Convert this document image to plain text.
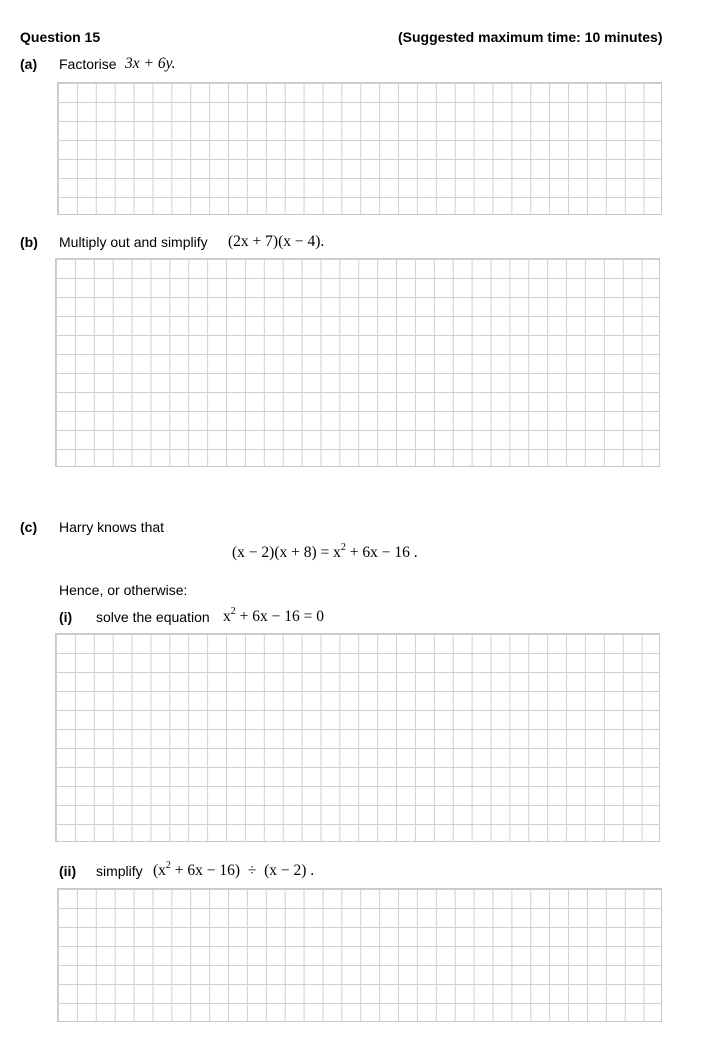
Question 15	(Suggested maximum time: 10 minutes)
(a) Factorise 3x + 6y.
(b) Multiply out and simplify (2x + 7)(x − 4).
(c) Harry knows that
$(x - 2)(x + 8) = x^2 + 6x - 16$ .
Hence, or otherwise:
(i) solve the equation $x^2 + 6x - 16 = 0$
(ii) simplify $(x^2 + 6x - 16) \div (x - 2)$ .
